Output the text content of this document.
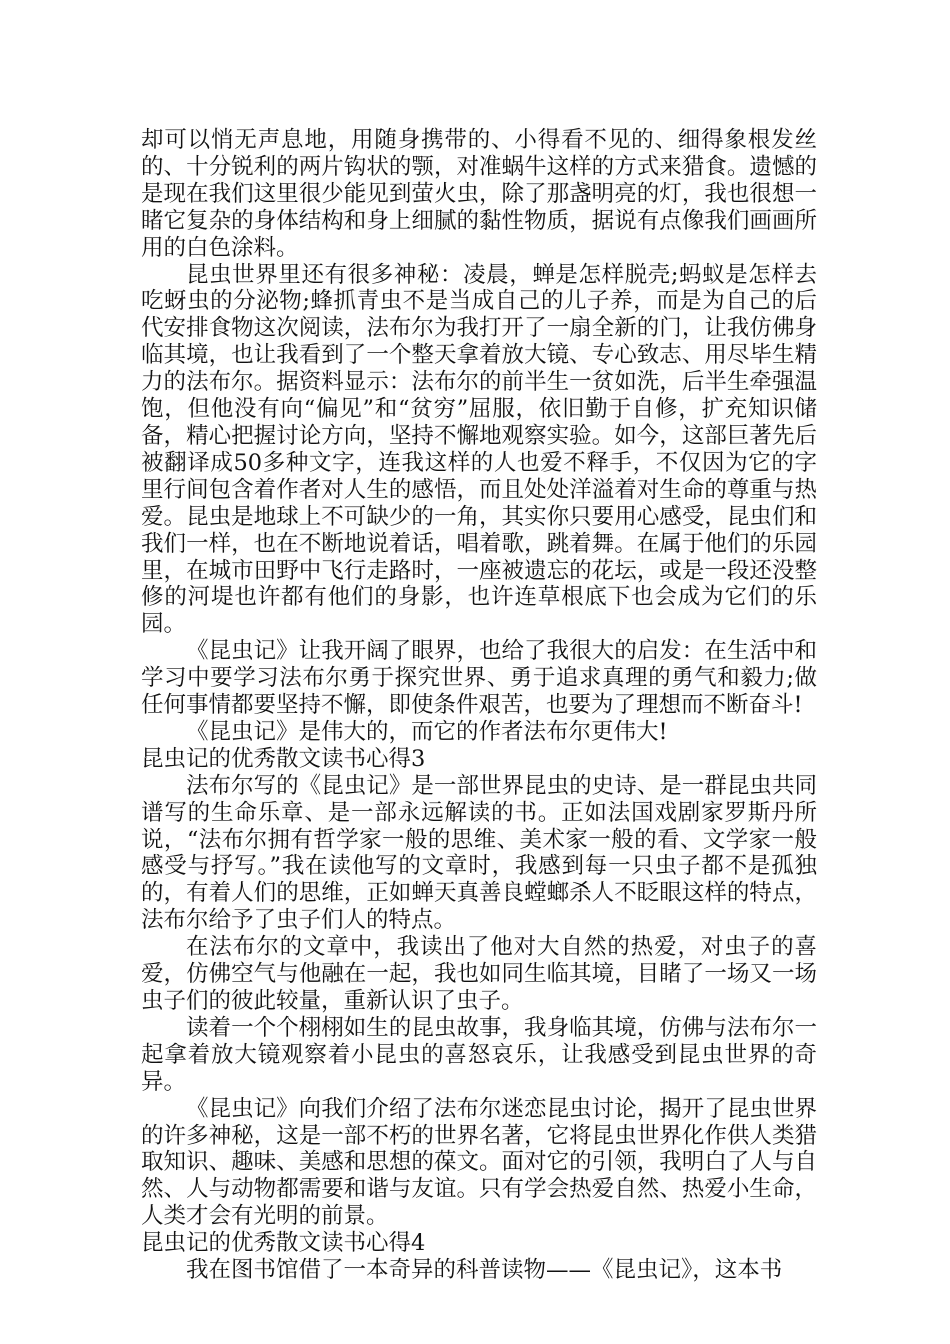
却可以悄无声息地，用随身携带的、小得看不见的、细得象根发丝的、十分锐利的两片钩状的颚，对准蜗牛这样的方式来猎食。遗憾的是现在我们这里很少能见到萤火虫，除了那盏明亮的灯，我也很想一睹它复杂的身体结构和身上细腻的黏性物质，据说有点像我们画画所用的白色涂料。

昆虫世界里还有很多神秘：凌晨，蝉是怎样脱壳;蚂蚁是怎样去吃蚜虫的分泌物;蜂抓青虫不是当成自己的儿子养，而是为自己的后代安排食物这次阅读，法布尔为我打开了一扇全新的门，让我仿佛身临其境，也让我看到了一个整天拿着放大镜、专心致志、用尽毕生精力的法布尔。据资料显示：法布尔的前半生一贫如洗，后半生牵强温饱，但他没有向“偏见”和“贫穷”屈服，依旧勤于自修，扩充知识储备，精心把握讨论方向，坚持不懈地观察实验。如今，这部巨著先后被翻译成50多种文字，连我这样的人也爱不释手，不仅因为它的字里行间包含着作者对人生的感悟，而且处处洋溢着对生命的尊重与热爱。昆虫是地球上不可缺少的一角，其实你只要用心感受，昆虫们和我们一样，也在不断地说着话，唱着歌，跳着舞。在属于他们的乐园里，在城市田野中飞行走路时，一座被遗忘的花坛，或是一段还没整修的河堤也许都有他们的身影，也许连草根底下也会成为它们的乐园。

《昆虫记》让我开阔了眼界，也给了我很大的启发：在生活中和学习中要学习法布尔勇于探究世界、勇于追求真理的勇气和毅力;做任何事情都要坚持不懈，即使条件艰苦，也要为了理想而不断奋斗!

《昆虫记》是伟大的，而它的作者法布尔更伟大!

昆虫记的优秀散文读书心得3

法布尔写的《昆虫记》是一部世界昆虫的史诗、是一群昆虫共同谱写的生命乐章、是一部永远解读的书。正如法国戏剧家罗斯丹所说，“法布尔拥有哲学家一般的思维、美术家一般的看、文学家一般感受与抒写。”我在读他写的文章时，我感到每一只虫子都不是孤独的，有着人们的思维，正如蝉天真善良螳螂杀人不眨眼这样的特点，法布尔给予了虫子们人的特点。

在法布尔的文章中，我读出了他对大自然的热爱，对虫子的喜爱，仿佛空气与他融在一起，我也如同生临其境，目睹了一场又一场虫子们的彼此较量，重新认识了虫子。

读着一个个栩栩如生的昆虫故事，我身临其境，仿佛与法布尔一起拿着放大镜观察着小昆虫的喜怒哀乐，让我感受到昆虫世界的奇异。

《昆虫记》向我们介绍了法布尔迷恋昆虫讨论，揭开了昆虫世界的许多神秘，这是一部不朽的世界名著，它将昆虫世界化作供人类猎取知识、趣味、美感和思想的葆文。面对它的引领，我明白了人与自然、人与动物都需要和谐与友谊。只有学会热爱自然、热爱小生命，人类才会有光明的前景。

昆虫记的优秀散文读书心得4

我在图书馆借了一本奇异的科普读物——《昆虫记》，这本书
